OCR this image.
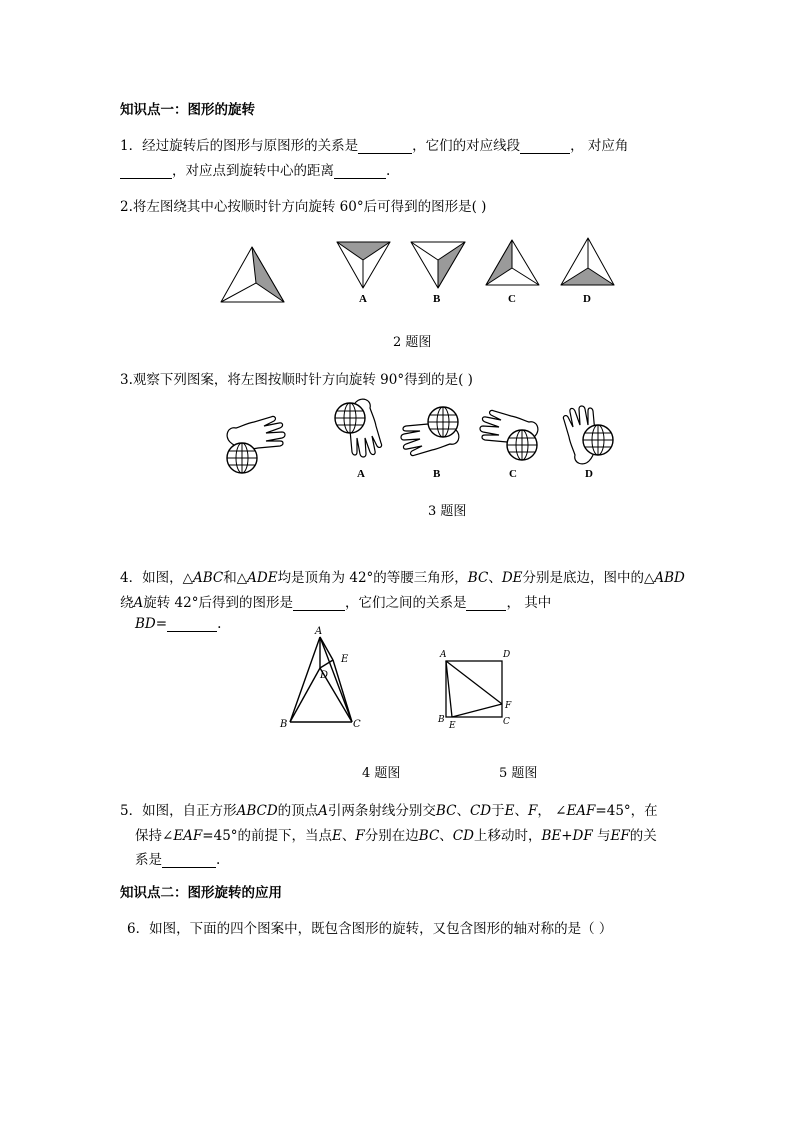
知识点一：图形的旋转
1．经过旋转后的图形与原图形的关系是	，它们的对应线段	， 对应角
，对应点到旋转中心的距离	.
2.将左图绕其中心按顺时针方向旋转 60°后可得到的图形是( )
A	B	C	D
2 题图
3.观察下列图案，将左图按顺时针方向旋转 90°得到的是( )
A	B	C	D
3 题图
4．如图，△ABC和△ADE均是顶角为 42°的等腰三角形，BC、DE分别是底边，图中的△ABD
绕A旋转 42°后得到的图形是	，它们之间的关系是	， 其中
BD=	.	A
E
D
B	C
A	D
B
E	C
F
4 题图	5 题图
5．如图，自正方形ABCD的顶点A引两条射线分别交BC、CD于E、F， ∠EAF=45°，在
保持∠EAF=45°的前提下，当点E、F分别在边BC、CD上移动时，BE+DF 与EF的关
系是	.
知识点二：图形旋转的应用
6．如图，下面的四个图案中，既包含图形的旋转，又包含图形的轴对称的是（ ）
